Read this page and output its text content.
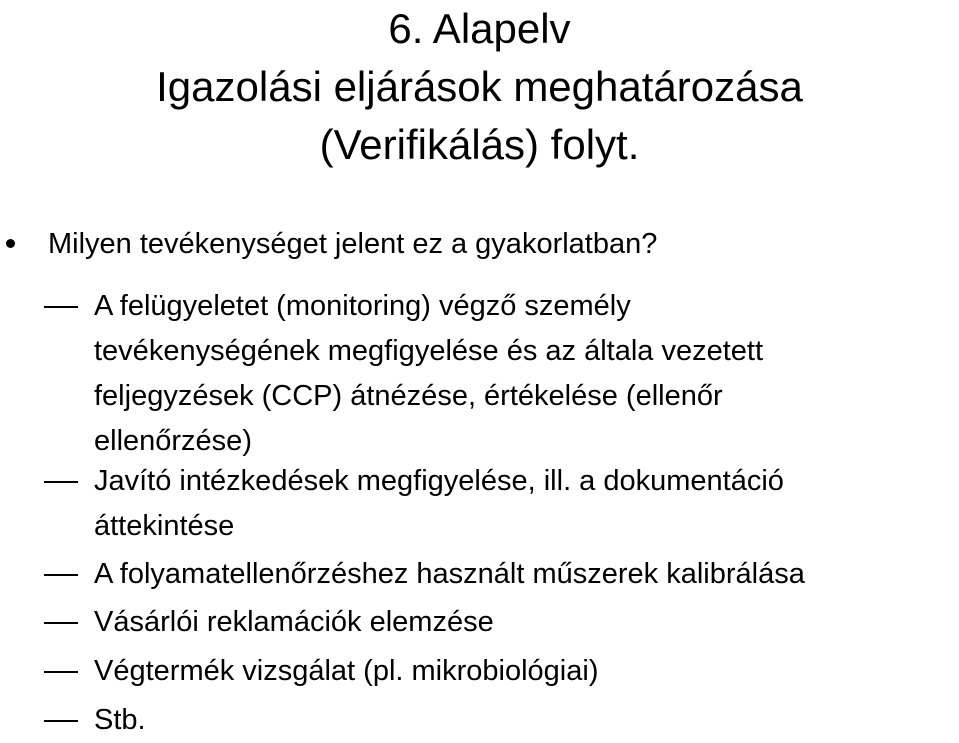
6. Alapelv
Igazolási eljárások meghatározása
(Verifikálás) folyt.
Milyen tevékenységet jelent ez a gyakorlatban?
A felügyeletet (monitoring) végző személy
tevékenységének megfigyelése és az általa vezetett
feljegyzések (CCP) átnézése, értékelése (ellenőr
ellenőrzése)
Javító intézkedések megfigyelése, ill. a dokumentáció
áttekintése
A folyamatellenőrzéshez használt műszerek kalibrálása
Vásárlói reklamációk elemzése
Végtermék vizsgálat (pl. mikrobiológiai)
Stb.
